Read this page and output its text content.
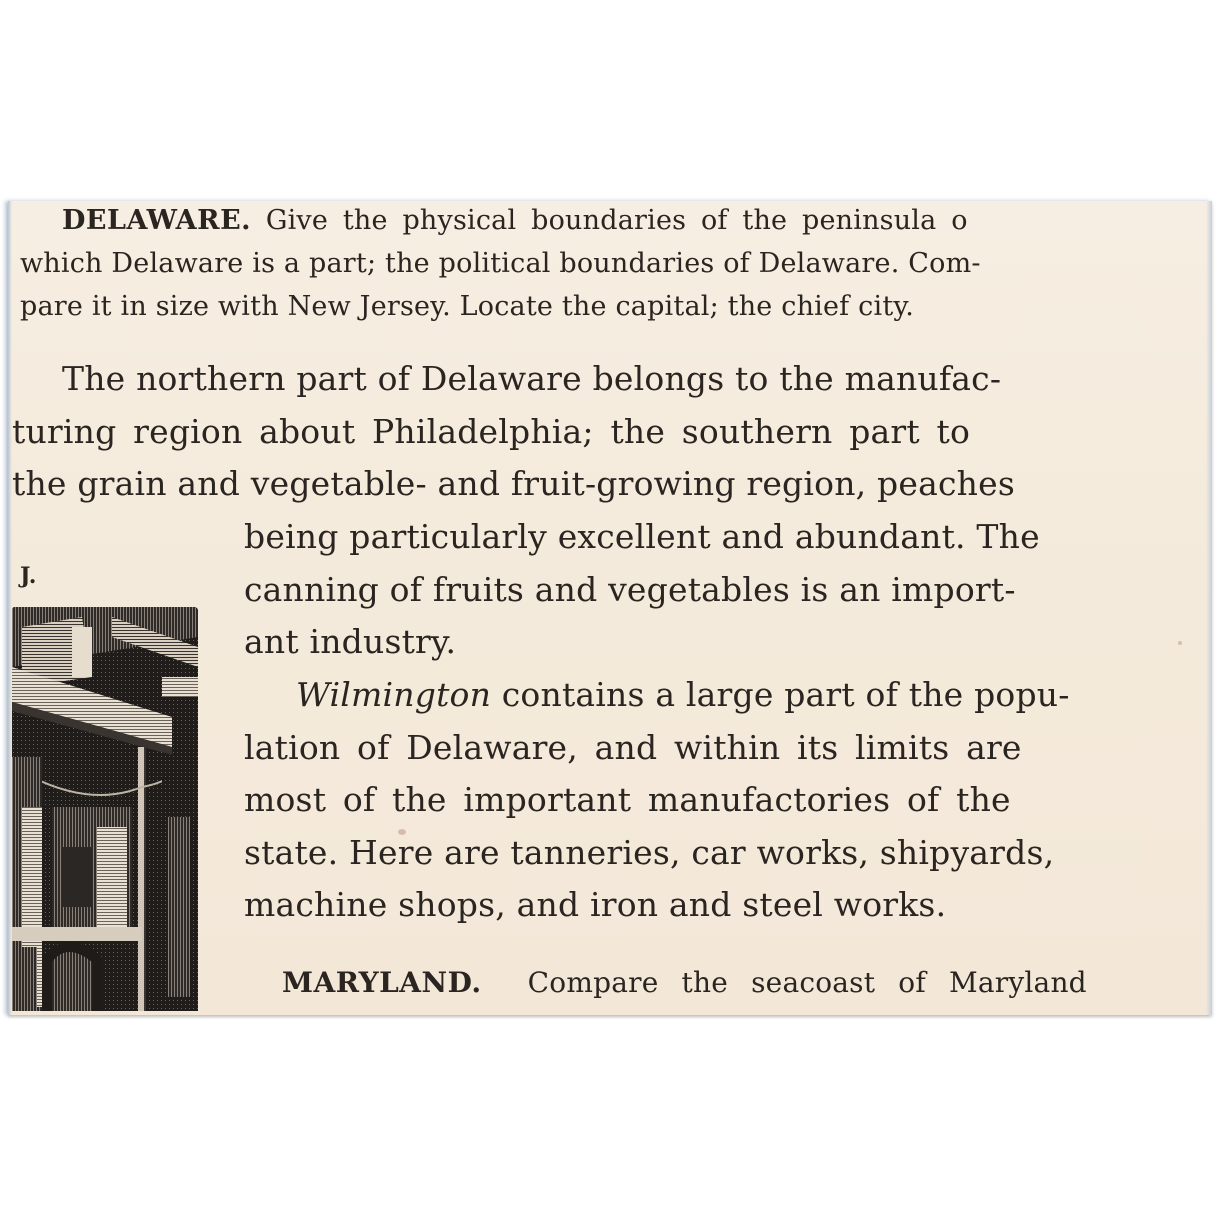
DELAWARE. Give the physical boundaries of the peninsula o
which Delaware is a part; the political boundaries of Delaware. Com-
pare it in size with New Jersey. Locate the capital; the chief city.
The northern part of Delaware belongs to the manufac-
turing region about Philadelphia; the southern part to
the grain and vegetable- and fruit-growing region, peaches
being particularly excellent and abundant. The
canning of fruits and vegetables is an import-
ant industry.
Wilmington contains a large part of the popu-
lation of Delaware, and within its limits are
most of the important manufactories of the
state. Here are tanneries, car works, shipyards,
machine shops, and iron and steel works.
MARYLAND. Compare the seacoast of Maryland
J.
